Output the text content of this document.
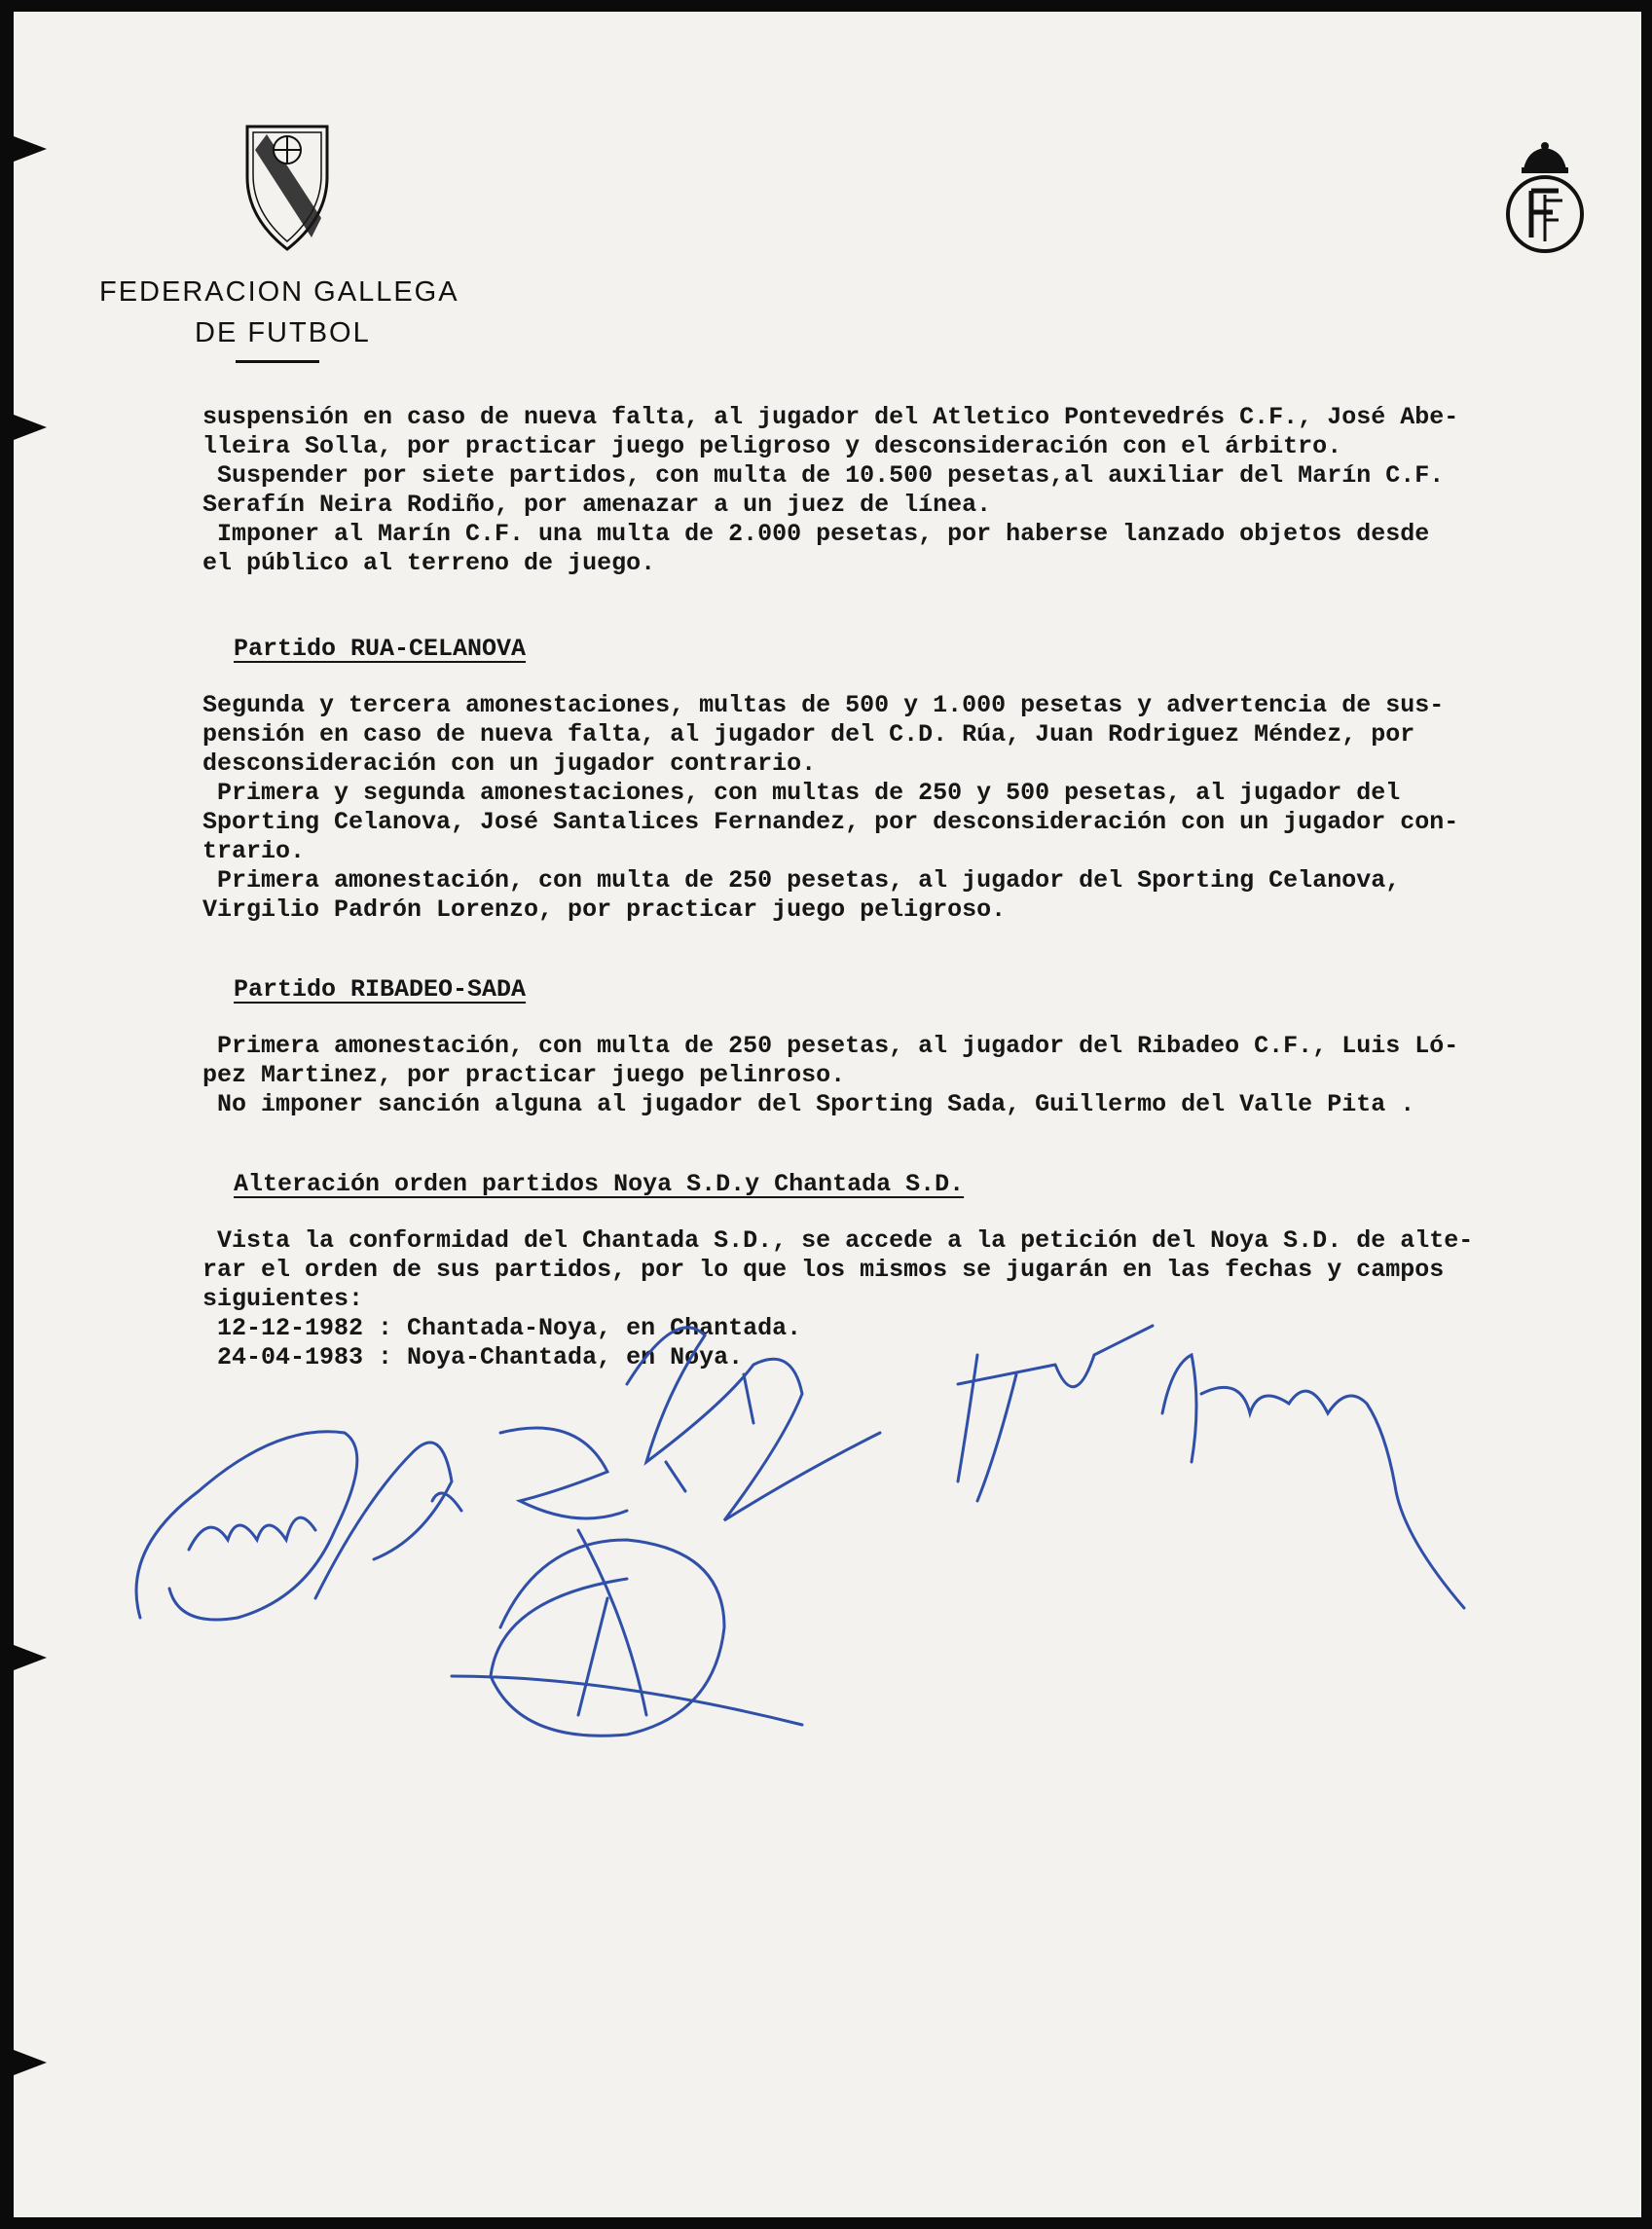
FEDERACION GALLEGA
DE FUTBOL

suspensión en caso de nueva falta, al jugador del Atletico Pontevedrés C.F., José Abe-

lleira Solla, por practicar juego peligroso y desconsideración con el árbitro.

Suspender por siete partidos, con multa de 10.500 pesetas,al auxiliar del Marín C.F.

Serafín Neira Rodiño, por amenazar a un juez de línea.

Imponer al Marín C.F. una multa de 2.000 pesetas, por haberse lanzado objetos desde

el público al terreno de juego.

Partido RUA-CELANOVA

Segunda y tercera amonestaciones, multas de 500 y 1.000 pesetas y advertencia de sus-

pensión en caso de nueva falta, al jugador del C.D. Rúa, Juan Rodriguez Méndez, por

desconsideración con un jugador contrario.

Primera y segunda amonestaciones, con multas de 250 y 500 pesetas, al jugador del

Sporting Celanova, José Santalices Fernandez, por desconsideración con un jugador con-

trario.

Primera amonestación, con multa de 250 pesetas, al jugador del Sporting Celanova,

Virgilio Padrón Lorenzo, por practicar juego peligroso.

Partido RIBADEO-SADA

Primera amonestación, con multa de 250 pesetas, al jugador del Ribadeo C.F., Luis Ló-

pez Martinez, por practicar juego pelinroso.

No imponer sanción alguna al jugador del Sporting Sada, Guillermo del Valle Pita .

Alteración orden partidos Noya S.D.y Chantada S.D.

Vista la conformidad del Chantada S.D., se accede a la petición del Noya S.D. de alte-

rar el orden de sus partidos, por lo que los mismos se jugarán en las fechas y campos

siguientes:

12-12-1982 : Chantada-Noya, en Chantada.

24-04-1983 : Noya-Chantada, en Noya.
